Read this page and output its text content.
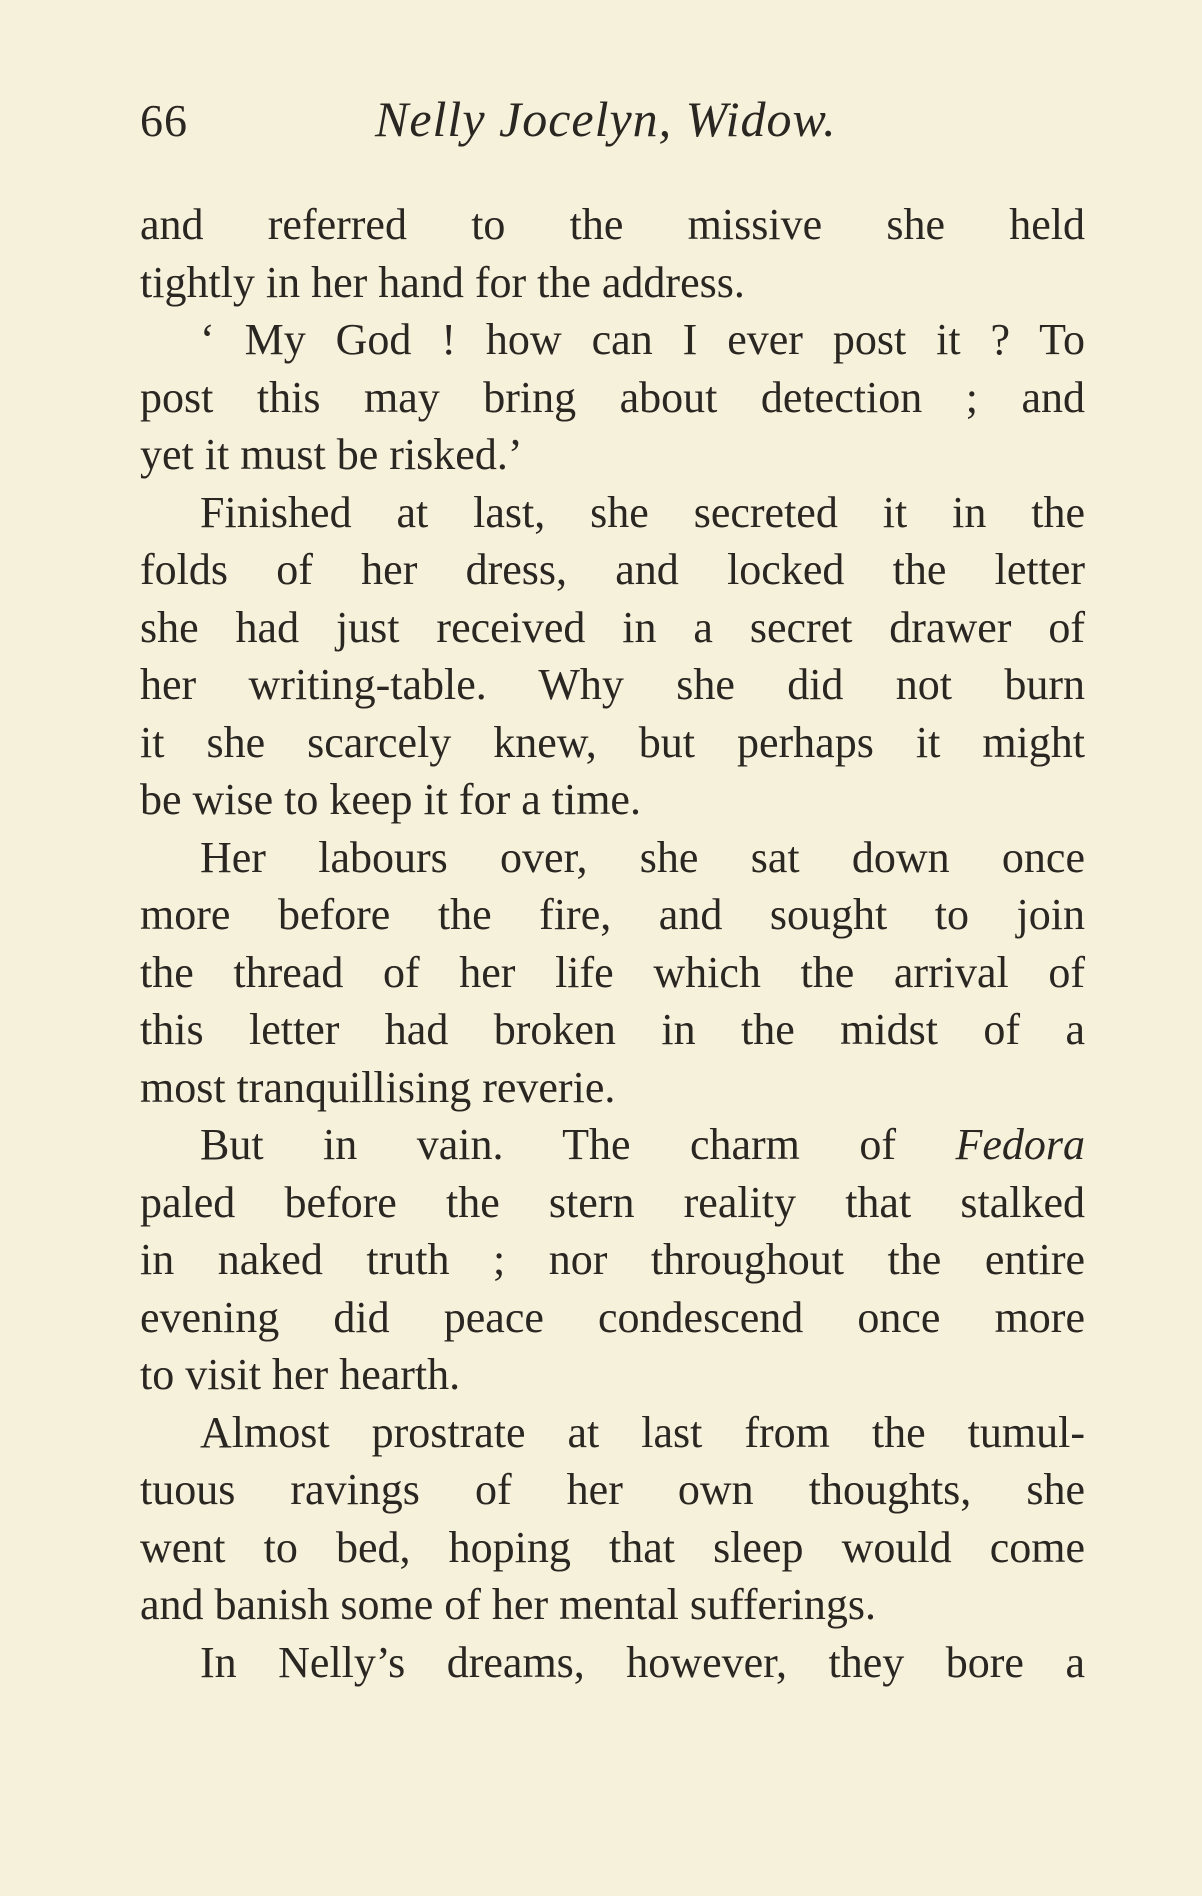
66	Nelly Jocelyn, Widow.
and referred to the missive she held
tightly in her hand for the address.
‘ My God ! how can I ever post it ? To
post this may bring about detection ; and
yet it must be risked.’
Finished at last, she secreted it in the
folds of her dress, and locked the letter
she had just received in a secret drawer of
her writing-table. Why she did not burn
it she scarcely knew, but perhaps it might
be wise to keep it for a time.
Her labours over, she sat down once
more before the fire, and sought to join
the thread of her life which the arrival of
this letter had broken in the midst of a
most tranquillising reverie.
But in vain. The charm of Fedora
paled before the stern reality that stalked
in naked truth ; nor throughout the entire
evening did peace condescend once more
to visit her hearth.
Almost prostrate at last from the tumul-
tuous ravings of her own thoughts, she
went to bed, hoping that sleep would come
and banish some of her mental sufferings.
In Nelly’s dreams, however, they bore a
